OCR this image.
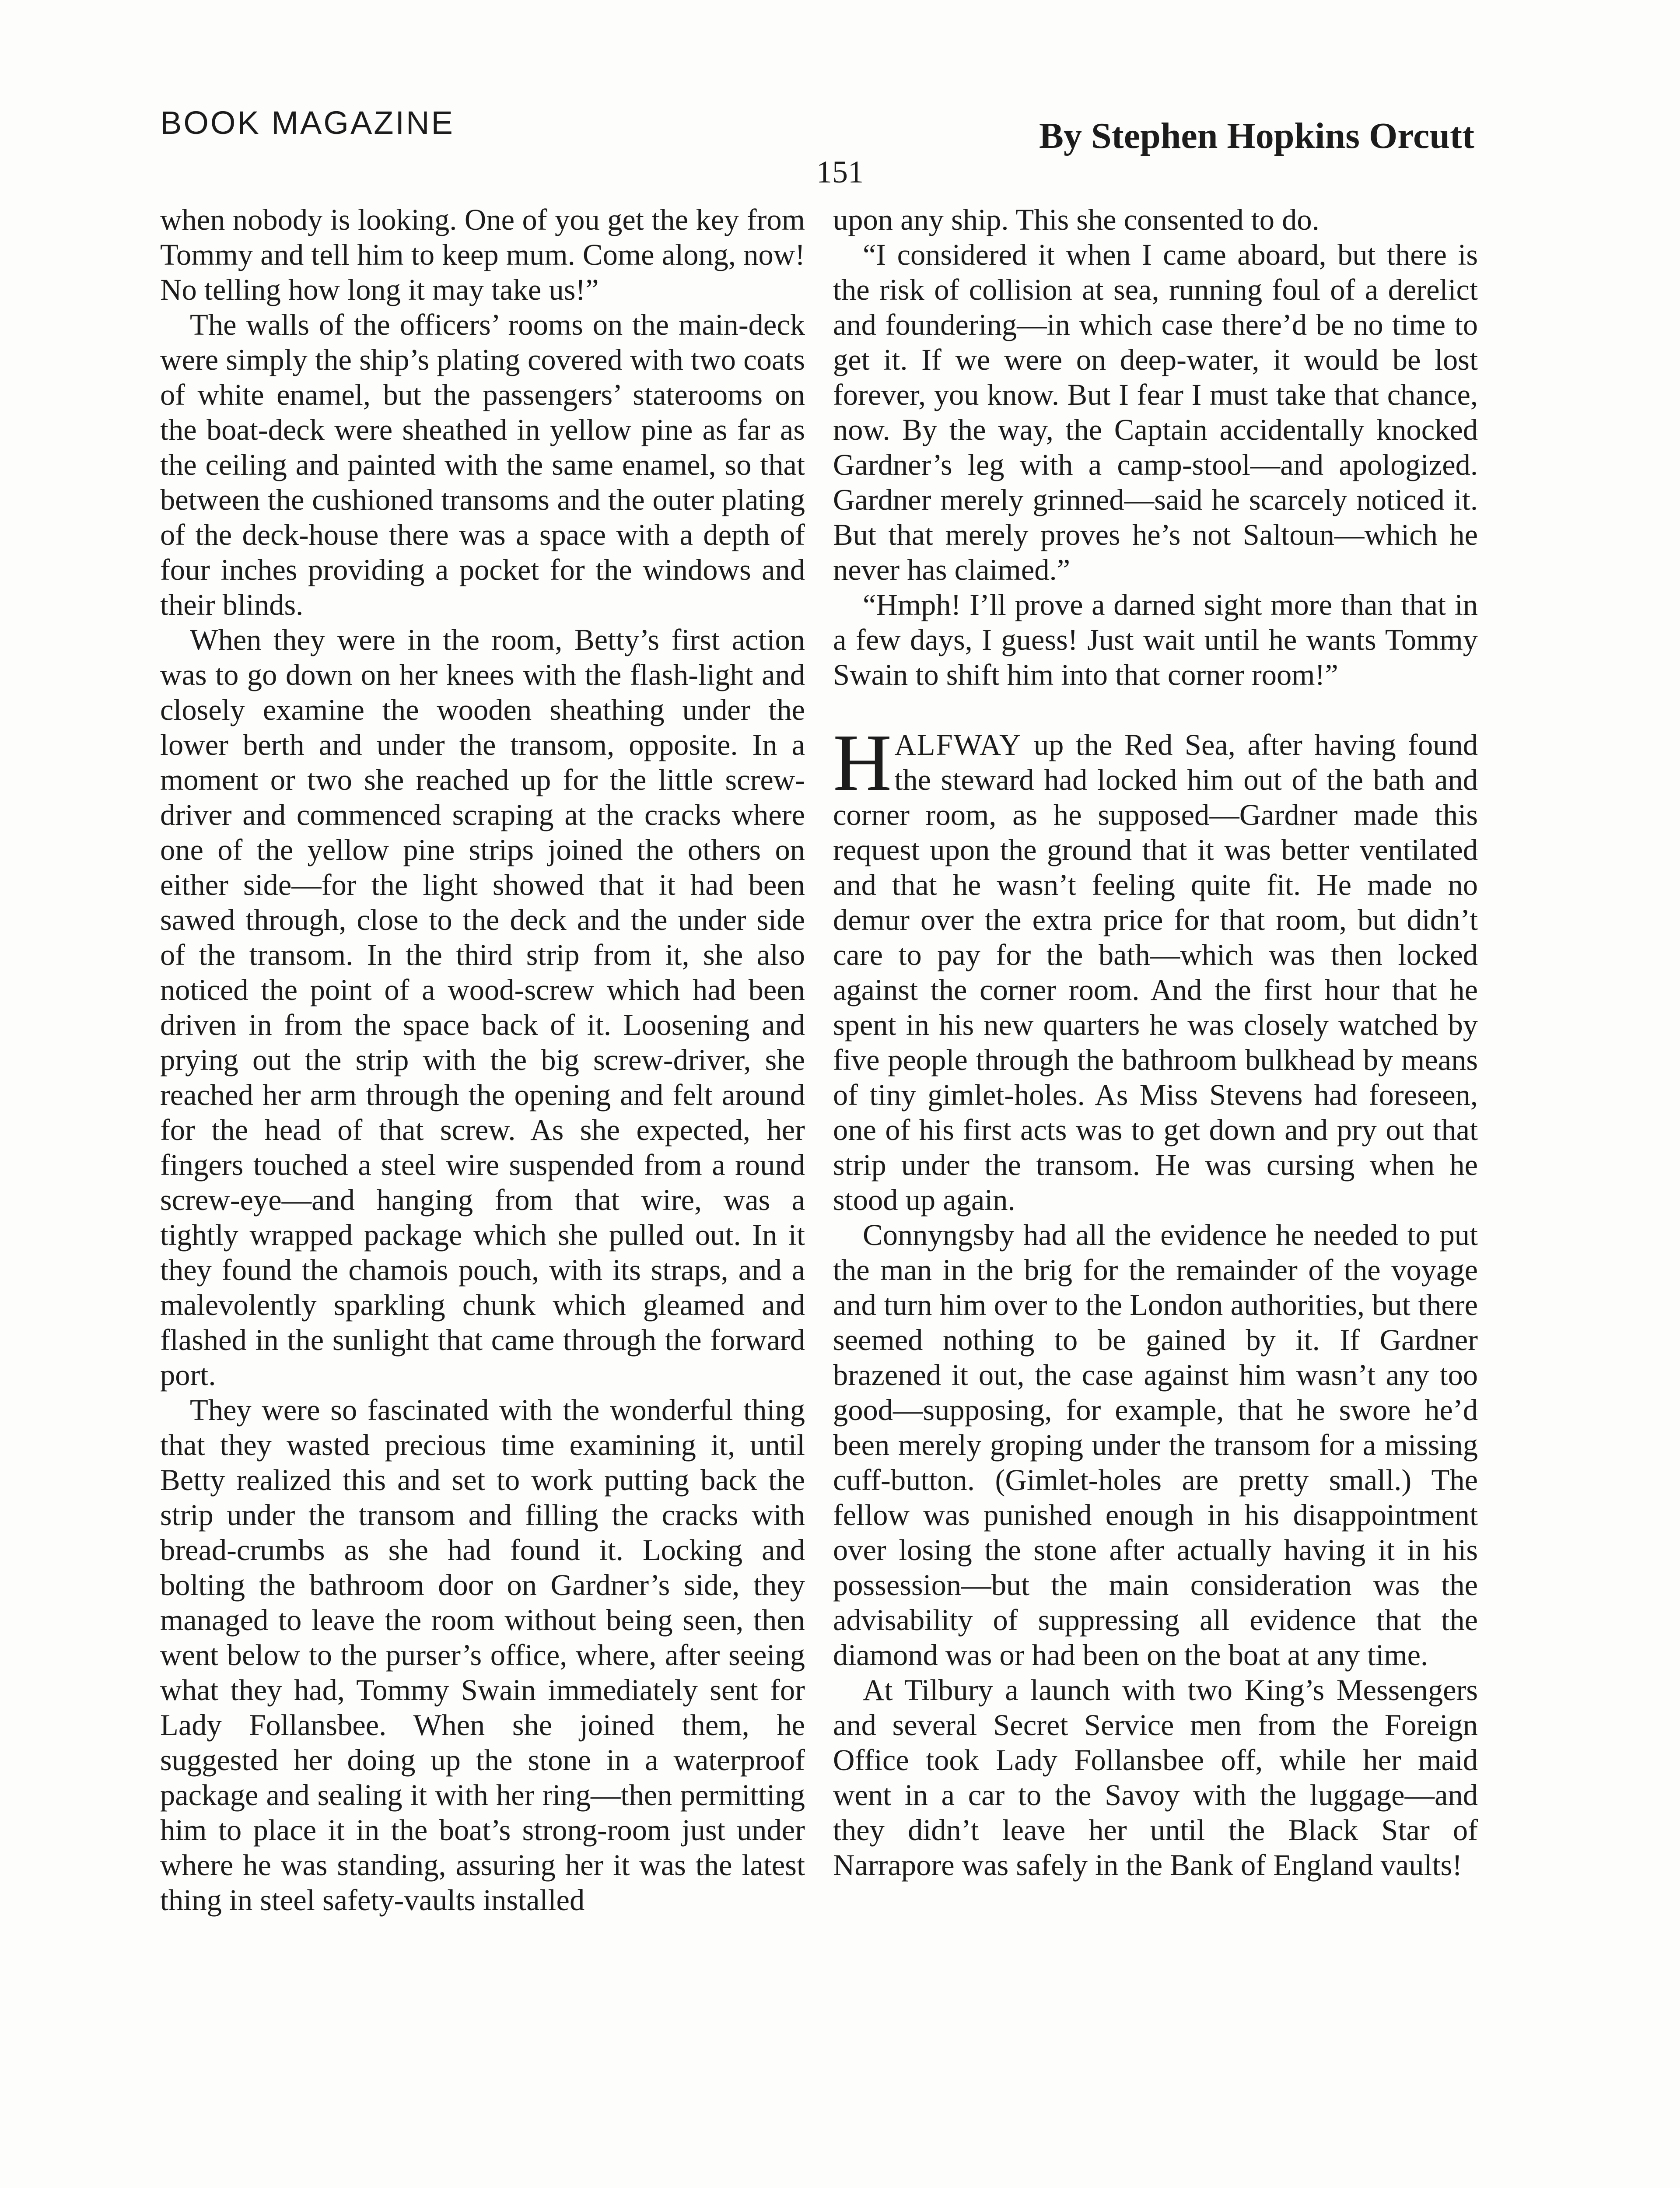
BOOK MAGAZINE	By Stephen Hopkins Orcutt
151

when nobody is looking. One of you get the key from Tommy and tell him to keep mum. Come along, now! No telling how long it may take us!”

The walls of the officers’ rooms on the main-deck were simply the ship’s plating covered with two coats of white enamel, but the passengers’ staterooms on the boat-deck were sheathed in yellow pine as far as the ceiling and painted with the same enamel, so that between the cushioned transoms and the outer plating of the deck-house there was a space with a depth of four inches providing a pocket for the windows and their blinds.

When they were in the room, Betty’s first action was to go down on her knees with the flash-light and closely examine the wooden sheathing under the lower berth and under the transom, opposite. In a moment or two she reached up for the little screw-driver and commenced scraping at the cracks where one of the yellow pine strips joined the others on either side—for the light showed that it had been sawed through, close to the deck and the under side of the transom. In the third strip from it, she also noticed the point of a wood-screw which had been driven in from the space back of it. Loosening and prying out the strip with the big screw-driver, she reached her arm through the opening and felt around for the head of that screw. As she expected, her fingers touched a steel wire suspended from a round screw-eye—and hanging from that wire, was a tightly wrapped package which she pulled out. In it they found the chamois pouch, with its straps, and a malevolently sparkling chunk which gleamed and flashed in the sunlight that came through the forward port.

They were so fascinated with the wonderful thing that they wasted precious time examining it, until Betty realized this and set to work putting back the strip under the transom and filling the cracks with bread-crumbs as she had found it. Locking and bolting the bathroom door on Gardner’s side, they managed to leave the room without being seen, then went below to the purser’s office, where, after seeing what they had, Tommy Swain immediately sent for Lady Follansbee. When she joined them, he suggested her doing up the stone in a waterproof package and sealing it with her ring—then permitting him to place it in the boat’s strong-room just under where he was standing, assuring her it was the latest thing in steel safety-vaults installed

upon any ship. This she consented to do.

“I considered it when I came aboard, but there is the risk of collision at sea, running foul of a derelict and foundering—in which case there’d be no time to get it. If we were on deep-water, it would be lost forever, you know. But I fear I must take that chance, now. By the way, the Captain accidentally knocked Gardner’s leg with a camp-stool—and apologized. Gardner merely grinned—said he scarcely noticed it. But that merely proves he’s not Saltoun—which he never has claimed.”

“Hmph! I’ll prove a darned sight more than that in a few days, I guess! Just wait until he wants Tommy Swain to shift him into that corner room!”

HALFWAY up the Red Sea, after having found the steward had locked him out of the bath and corner room, as he supposed—Gardner made this request upon the ground that it was better ventilated and that he wasn’t feeling quite fit. He made no demur over the extra price for that room, but didn’t care to pay for the bath—which was then locked against the corner room. And the first hour that he spent in his new quarters he was closely watched by five people through the bathroom bulkhead by means of tiny gimlet-holes. As Miss Stevens had foreseen, one of his first acts was to get down and pry out that strip under the transom. He was cursing when he stood up again.

Connyngsby had all the evidence he needed to put the man in the brig for the remainder of the voyage and turn him over to the London authorities, but there seemed nothing to be gained by it. If Gardner brazened it out, the case against him wasn’t any too good—supposing, for example, that he swore he’d been merely groping under the transom for a missing cuff-button. (Gimlet-holes are pretty small.) The fellow was punished enough in his disappointment over losing the stone after actually having it in his possession—but the main consideration was the advisability of suppressing all evidence that the diamond was or had been on the boat at any time.

At Tilbury a launch with two King’s Messengers and several Secret Service men from the Foreign Office took Lady Follansbee off, while her maid went in a car to the Savoy with the luggage—and they didn’t leave her until the Black Star of Narrapore was safely in the Bank of England vaults!
